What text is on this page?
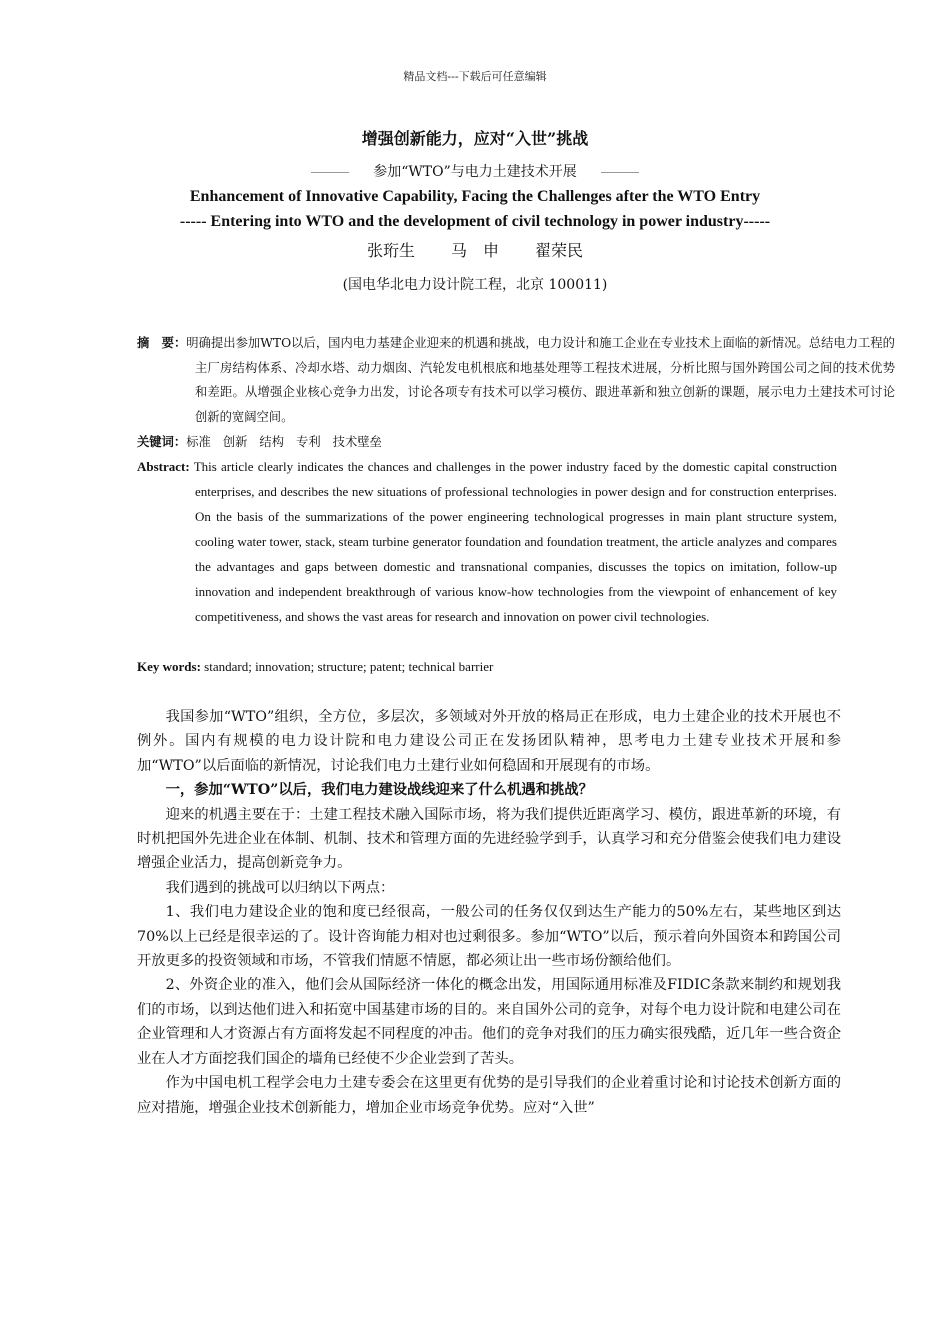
精品文档---下载后可任意编辑
增强创新能力，应对“入世”挑战
参加“WTO”与电力土建技术开展
Enhancement of Innovative Capability, Facing the Challenges after the WTO Entry
----- Entering into WTO and the development of civil technology in power industry-----
张珩生 马　申 翟荣民
(国电华北电力设计院工程，北京 100011)
摘　要：明确提出参加WTO以后，国内电力基建企业迎来的机遇和挑战，电力设计和施工企业在专业技术上面临的新情况。总结电力工程的主厂房结构体系、冷却水塔、动力烟囱、汽轮发电机根底和地基处理等工程技术进展，分析比照与国外跨国公司之间的技术优势和差距。从增强企业核心竞争力出发，讨论各项专有技术可以学习模仿、跟进革新和独立创新的课题，展示电力土建技术可讨论创新的宽阔空间。
关键词：标准 创新 结构 专利 技术壁垒
Abstract: This article clearly indicates the chances and challenges in the power industry faced by the domestic capital construction enterprises, and describes the new situations of professional technologies in power design and for construction enterprises. On the basis of the summarizations of the power engineering technological progresses in main plant structure system, cooling water tower, stack, steam turbine generator foundation and foundation treatment, the article analyzes and compares the advantages and gaps between domestic and transnational companies, discusses the topics on imitation, follow-up innovation and independent breakthrough of various know-how technologies from the viewpoint of enhancement of key competitiveness, and shows the vast areas for research and innovation on power civil technologies.
Key words: standard; innovation; structure; patent; technical barrier

我国参加“WTO”组织，全方位，多层次，多领域对外开放的格局正在形成，电力土建企业的技术开展也不例外。国内有规模的电力设计院和电力建设公司正在发扬团队精神，思考电力土建专业技术开展和参加“WTO”以后面临的新情况，讨论我们电力土建行业如何稳固和开展现有的市场。

一，参加“WTO”以后，我们电力建设战线迎来了什么机遇和挑战？

迎来的机遇主要在于：土建工程技术融入国际市场，将为我们提供近距离学习、模仿，跟进革新的环境，有时机把国外先进企业在体制、机制、技术和管理方面的先进经验学到手，认真学习和充分借鉴会使我们电力建设增强企业活力，提高创新竞争力。

我们遇到的挑战可以归纳以下两点：

1、我们电力建设企业的饱和度已经很高，一般公司的任务仅仅到达生产能力的50%左右，某些地区到达70%以上已经是很幸运的了。设计咨询能力相对也过剩很多。参加“WTO”以后，预示着向外国资本和跨国公司开放更多的投资领域和市场，不管我们情愿不情愿，都必须让出一些市场份额给他们。

2、外资企业的准入，他们会从国际经济一体化的概念出发，用国际通用标准及FIDIC条款来制约和规划我们的市场，以到达他们进入和拓宽中国基建市场的目的。来自国外公司的竞争，对每个电力设计院和电建公司在企业管理和人才资源占有方面将发起不同程度的冲击。他们的竞争对我们的压力确实很残酷，近几年一些合资企业在人才方面挖我们国企的墙角已经使不少企业尝到了苦头。

作为中国电机工程学会电力土建专委会在这里更有优势的是引导我们的企业着重讨论和讨论技术创新方面的应对措施，增强企业技术创新能力，增加企业市场竞争优势。应对“入世”
